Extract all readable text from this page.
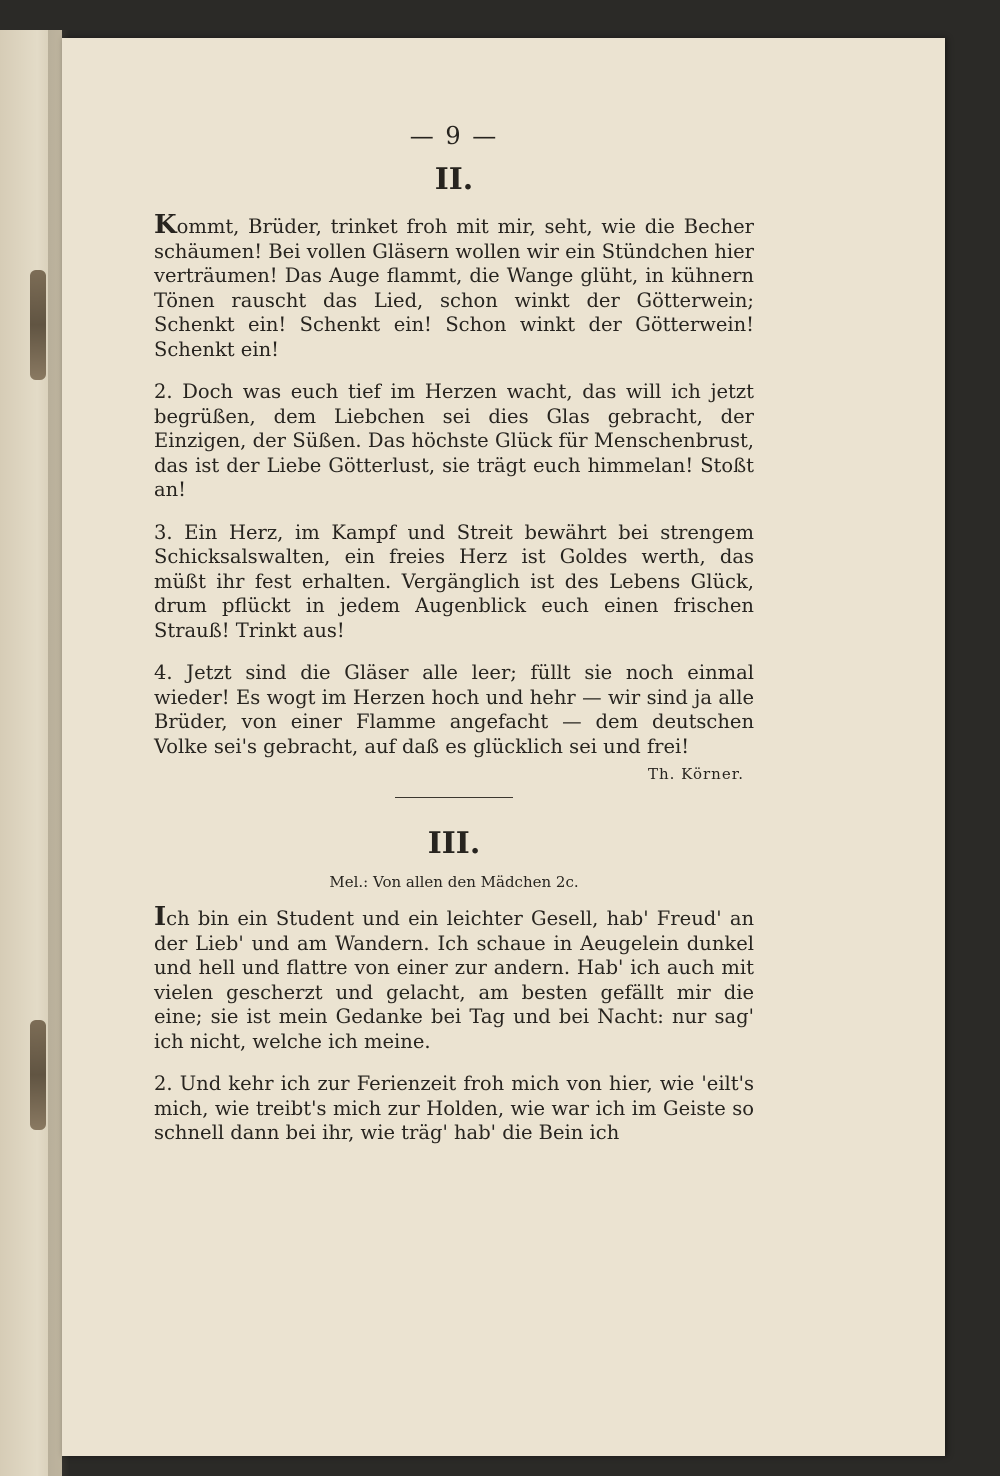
— 9 —
II.

Kommt, Brüder, trinket froh mit mir, seht, wie die Becher schäumen! Bei vollen Gläsern wollen wir ein Stündchen hier verträumen! Das Auge flammt, die Wange glüht, in kühnern Tönen rauscht das Lied, schon winkt der Götterwein; Schenkt ein! Schenkt ein! Schon winkt der Götterwein! Schenkt ein!

2. Doch was euch tief im Herzen wacht, das will ich jetzt begrüßen, dem Liebchen sei dies Glas gebracht, der Einzigen, der Süßen. Das höchste Glück für Menschenbrust, das ist der Liebe Götterlust, sie trägt euch himmelan! Stoßt an!

3. Ein Herz, im Kampf und Streit bewährt bei strengem Schicksalswalten, ein freies Herz ist Goldes werth, das müßt ihr fest erhalten. Vergänglich ist des Lebens Glück, drum pflückt in jedem Augenblick euch einen frischen Strauß! Trinkt aus!

4. Jetzt sind die Gläser alle leer; füllt sie noch einmal wieder! Es wogt im Herzen hoch und hehr — wir sind ja alle Brüder, von einer Flamme angefacht — dem deutschen Volke sei's gebracht, auf daß es glücklich sei und frei!

Th. Körner.
III.
Mel.: Von allen den Mädchen 2c.

Ich bin ein Student und ein leichter Gesell, hab' Freud' an der Lieb' und am Wandern. Ich schaue in Aeugelein dunkel und hell und flattre von einer zur andern. Hab' ich auch mit vielen gescherzt und gelacht, am besten gefällt mir die eine; sie ist mein Gedanke bei Tag und bei Nacht: nur sag' ich nicht, welche ich meine.

2. Und kehr ich zur Ferienzeit froh mich von hier, wie 'eilt's mich, wie treibt's mich zur Holden, wie war ich im Geiste so schnell dann bei ihr, wie träg' hab' die Bein ich
